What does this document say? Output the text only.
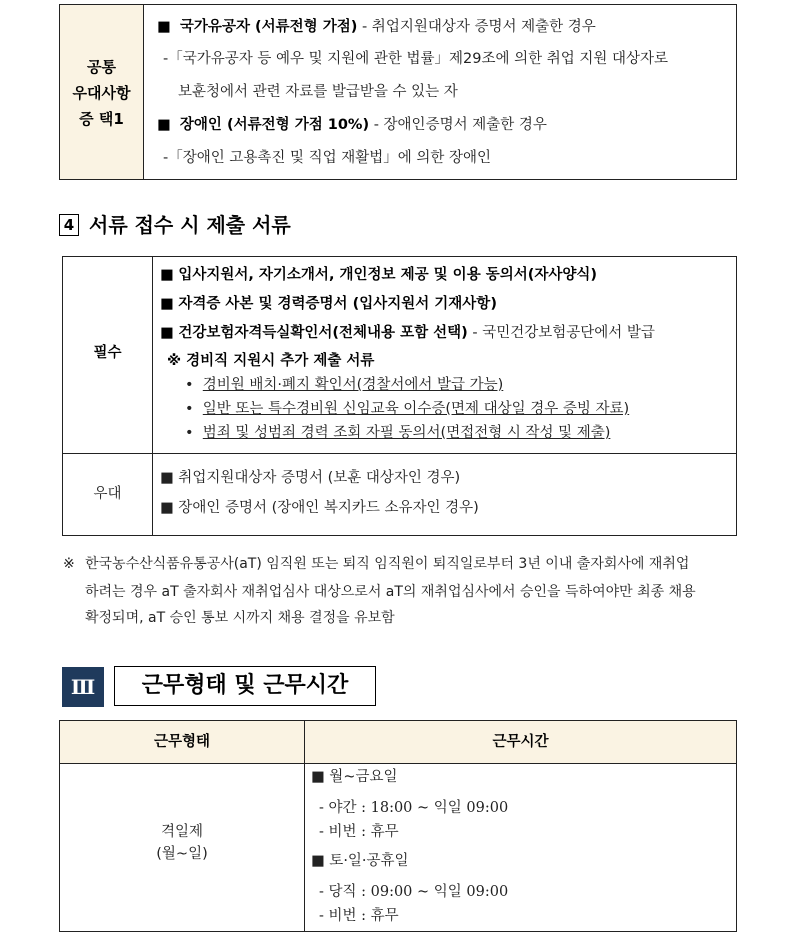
공통
우대사항
증 택1
■ 국가유공자 (서류전형 가점) - 취업지원대상자 증명서 제출한 경우
-「국가유공자 등 예우 및 지원에 관한 법률」제29조에 의한 취업 지원 대상자로
보훈청에서 관련 자료를 발급받을 수 있는 자
■ 장애인 (서류전형 가점 10%) - 장애인증명서 제출한 경우
-「장애인 고용촉진 및 직업 재활법」에 의한 장애인
4 서류 접수 시 제출 서류
필수
■ 입사지원서, 자기소개서, 개인정보 제공 및 이용 동의서(자사양식)
■ 자격증 사본 및 경력증명서 (입사지원서 기재사항)
■ 건강보험자격득실확인서(전체내용 포함 선택) - 국민건강보험공단에서 발급
※ 경비직 지원시 추가 제출 서류
• 경비원 배치·폐지 확인서(경찰서에서 발급 가능)
• 일반 또는 특수경비원 신임교육 이수증(면제 대상일 경우 증빙 자료)
• 범죄 및 성범죄 경력 조회 자필 동의서(면접전형 시 작성 및 제출)
우대
■ 취업지원대상자 증명서 (보훈 대상자인 경우)
■ 장애인 증명서 (장애인 복지카드 소유자인 경우)
※ 한국농수산식품유통공사(aT) 임직원 또는 퇴직 임직원이 퇴직일로부터 3년 이내 출자회사에 재취업
하려는 경우 aT 출자회사 재취업심사 대상으로서 aT의 재취업심사에서 승인을 득하여야만 최종 채용
확정되며, aT 승인 통보 시까지 채용 결정을 유보함
Ⅲ	근무형태 및 근무시간
근무형태	근무시간
격일제
(월~일)
■ 월~금요일
- 야간 : 18:00 ~ 익일 09:00
- 비번 : 휴무
■ 토·일·공휴일
- 당직 : 09:00 ~ 익일 09:00
- 비번 : 휴무
